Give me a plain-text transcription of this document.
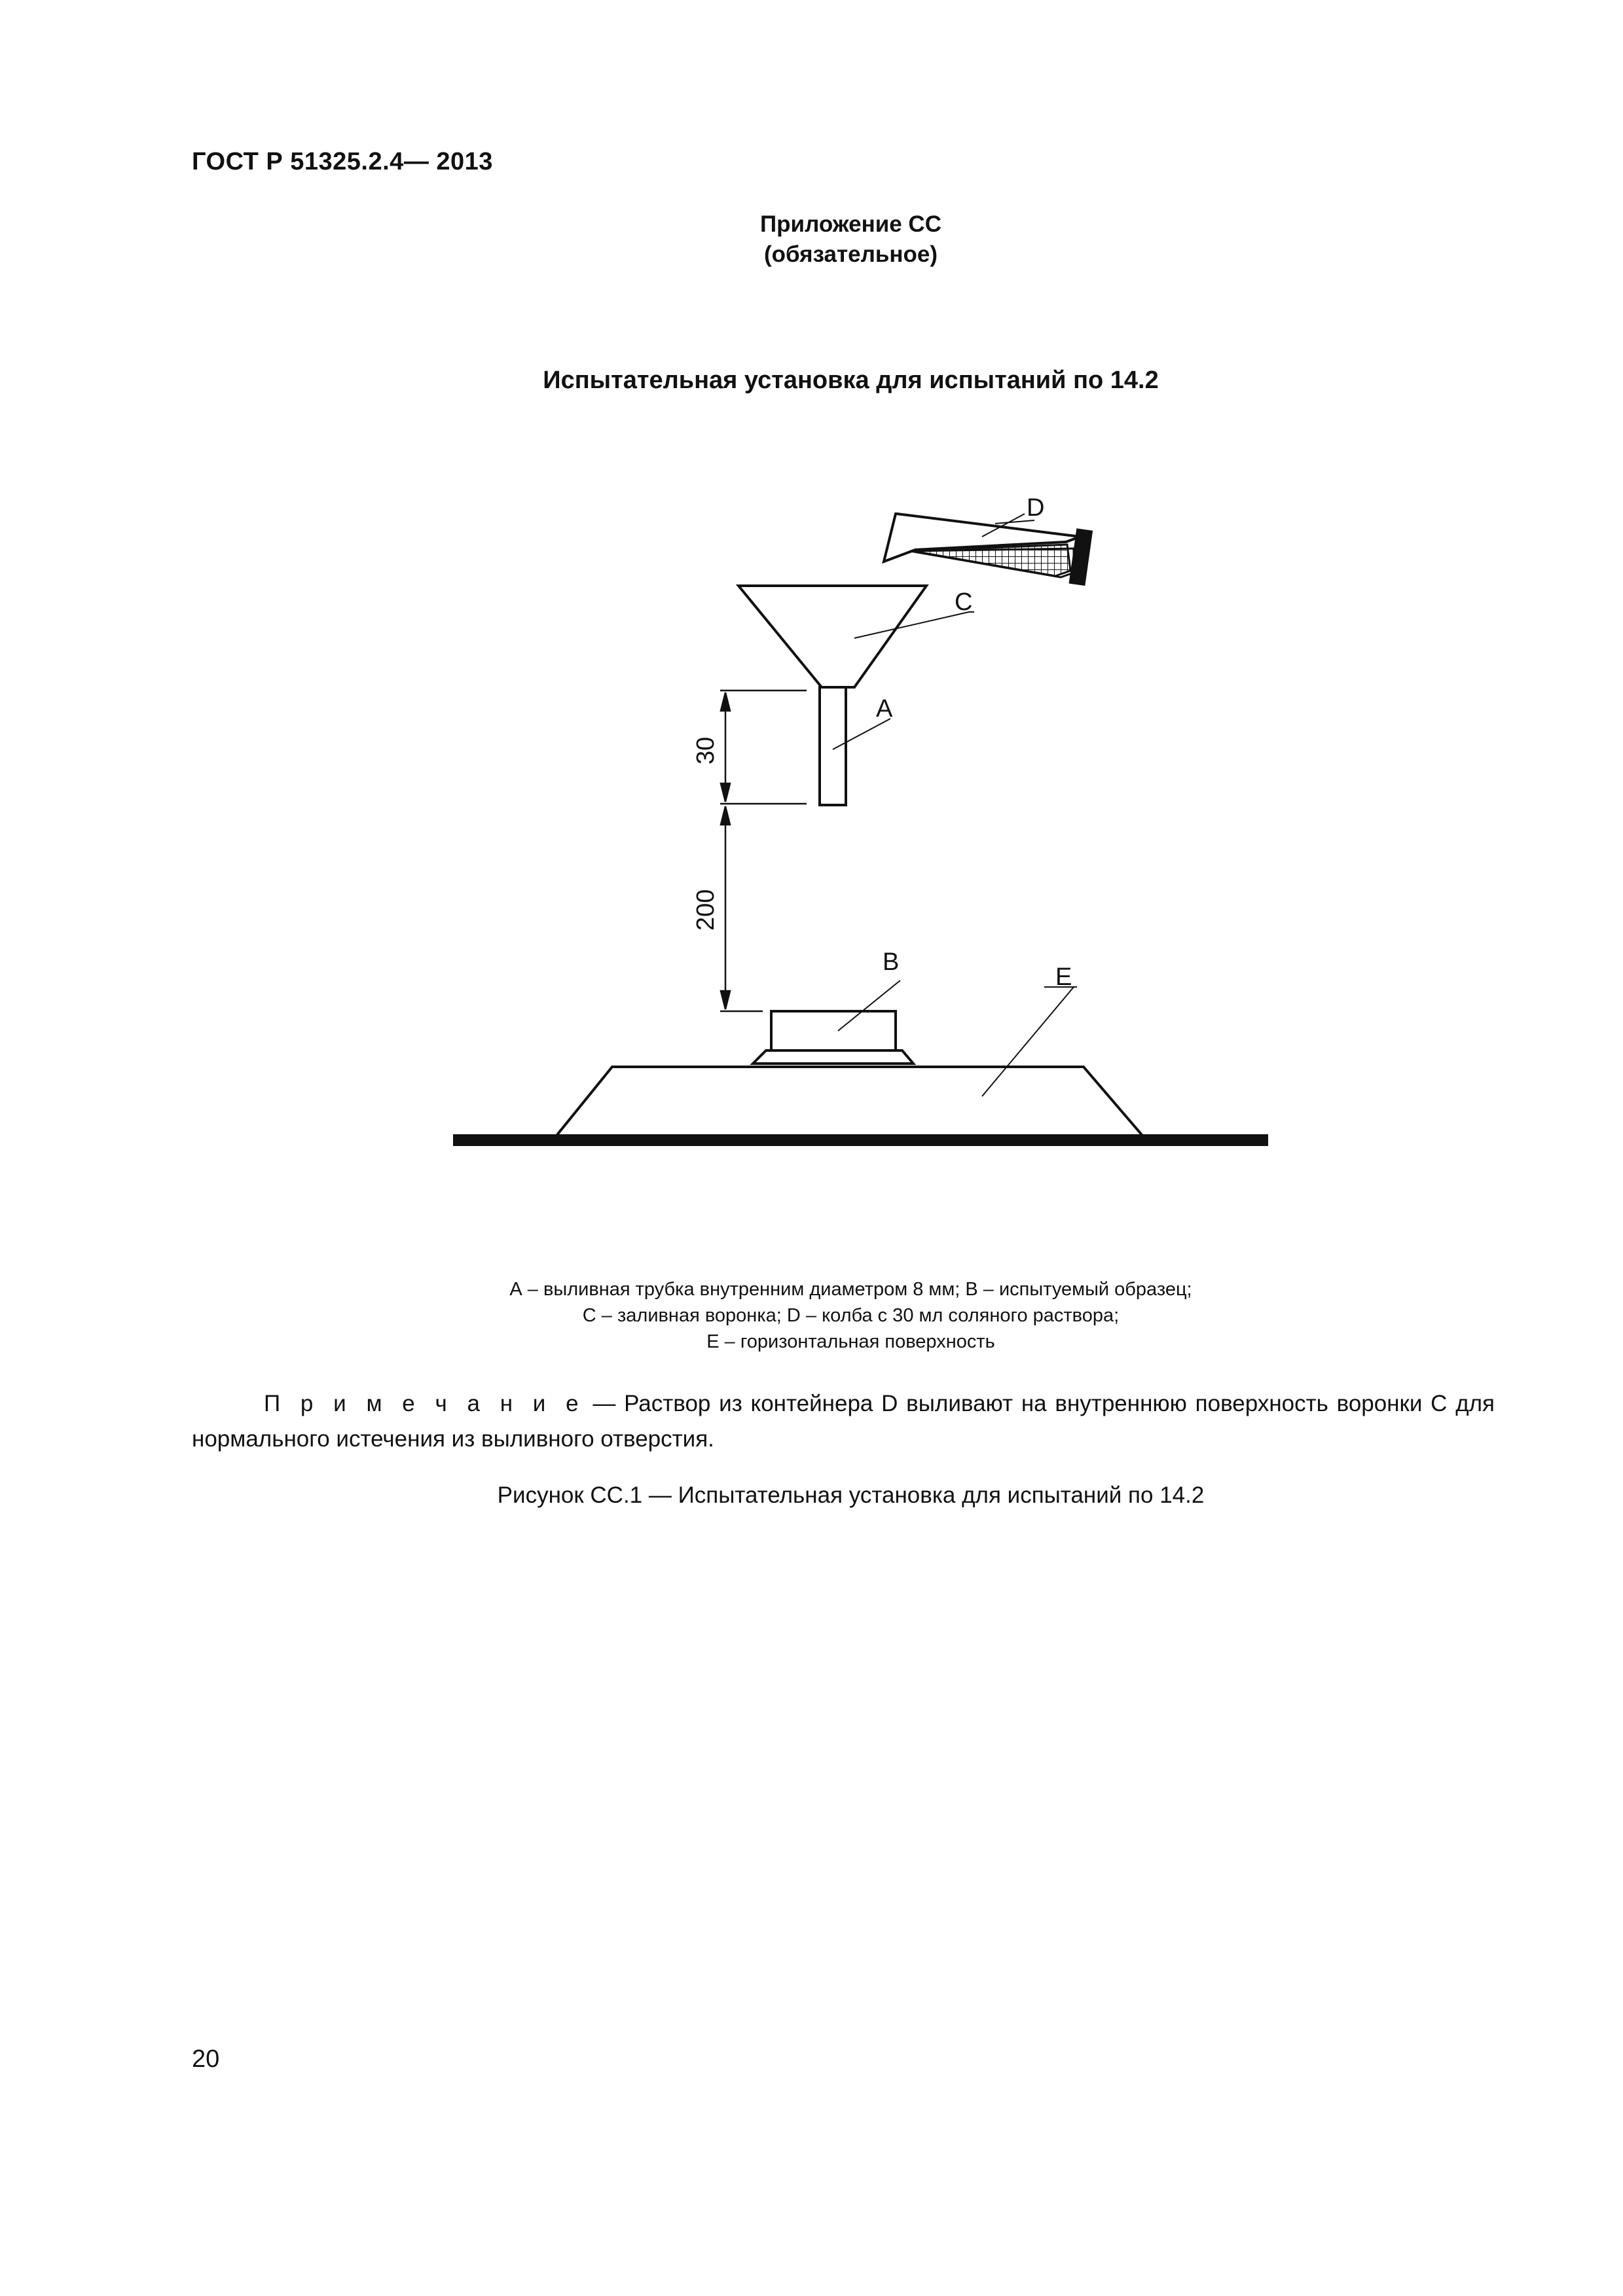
ГОСТ Р 51325.2.4— 2013
Приложение СС
(обязательное)
Испытательная установка для испытаний по 14.2
D
C
A
B
E
30
200
А – выливная трубка внутренним диаметром 8 мм; В – испытуемый образец;
С – заливная воронка; D – колба с 30 мл соляного раствора;
Е – горизонтальная поверхность
П р и м е ч а н и е — Раствор из контейнера D выливают на внутреннюю поверхность воронки С для нормального истечения из выливного отверстия.
Рисунок СС.1 — Испытательная установка для испытаний по 14.2
20
